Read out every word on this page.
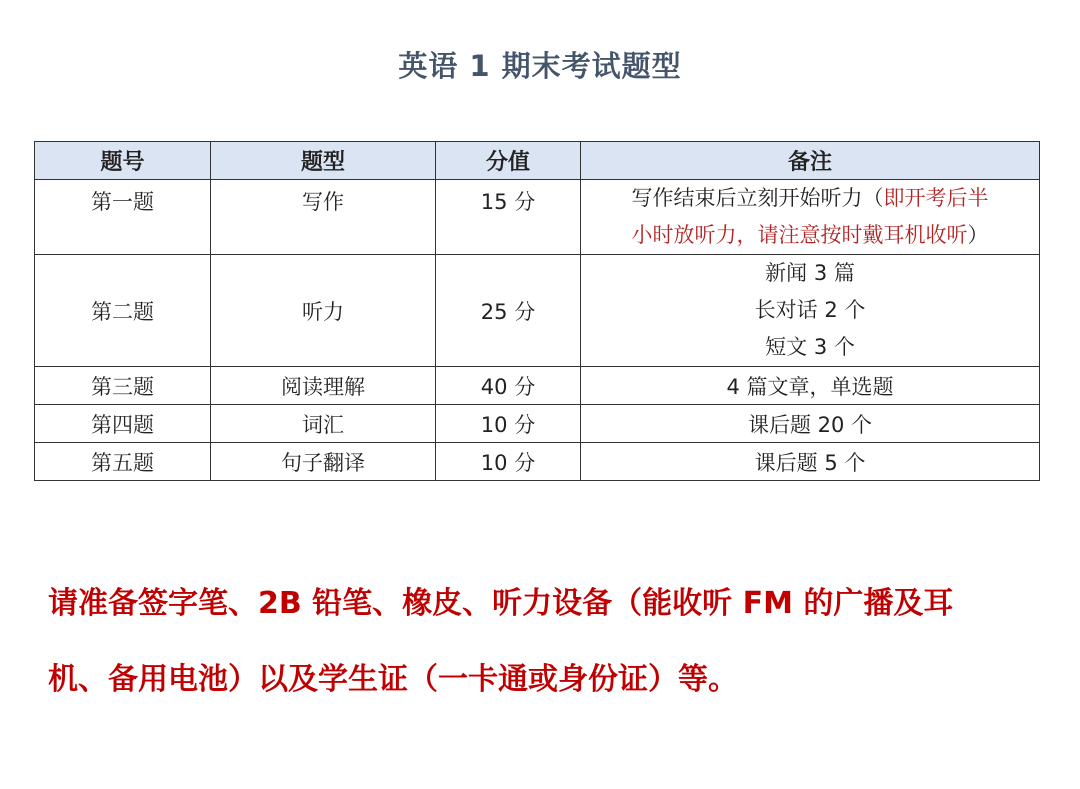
英语 1 期末考试题型
题号	题型	分值	备注
第一题	写作	15 分	写作结束后立刻开始听力（即开考后半
小时放听力，请注意按时戴耳机收听）
第二题	听力	25 分	新闻 3 篇
长对话 2 个
短文 3 个

第三题	阅读理解	40 分	4 篇文章，单选题
第四题	词汇	10 分	课后题 20 个
第五题	句子翻译	10 分	课后题 5 个
请准备签字笔、2B 铅笔、橡皮、听力设备（能收听 FM 的广播及耳
机、备用电池）以及学生证（一卡通或身份证）等。
